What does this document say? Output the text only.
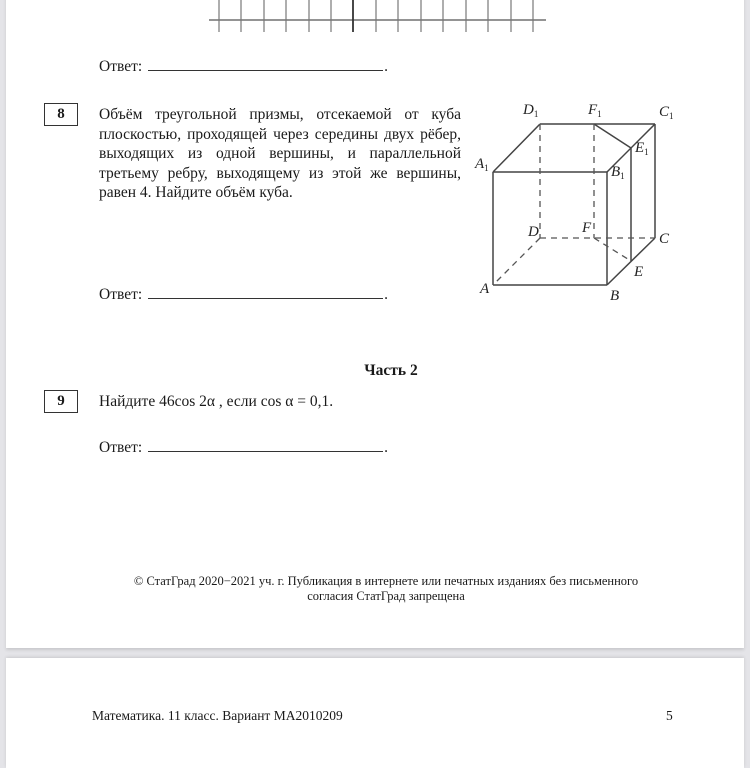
Ответ:	.
8 Объём треугольной призмы, отсекаемой от куба плоскостью, проходящей через середины двух рёбер, выходящих из одной вершины, и параллельной третьему ребру, выходящему из этой же вершины, равен 4. Найдите объём куба.
$D_1$	$F_1$	$C_1$
$E_1$
$A_1$	$B_1$
D	F
C
E
A	B
Ответ:	.
Часть 2
9 Найдите 46cos 2α , если cos α = 0,1.
Ответ:	.
© СтатГрад 2020−2021 уч. г. Публикация в интернете или печатных изданиях без письменного
согласия СтатГрад запрещена
Математика. 11 класс. Вариант МА2010209	5
